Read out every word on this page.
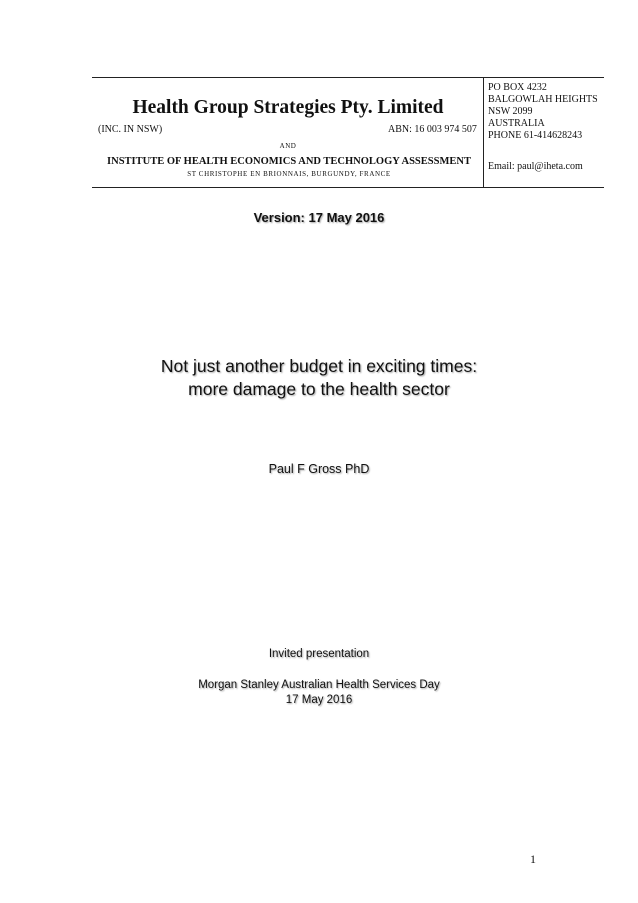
Health Group Strategies Pty. Limited
(INC. IN NSW)	ABN: 16 003 974 507
AND
INSTITUTE OF HEALTH ECONOMICS AND TECHNOLOGY ASSESSMENT
ST CHRISTOPHE EN BRIONNAIS, BURGUNDY, FRANCE
PO BOX 4232
BALGOWLAH HEIGHTS
NSW 2099
AUSTRALIA
PHONE 61-414628243
Email: paul@iheta.com
Version: 17 May 2016
Not just another budget in exciting times:
more damage to the health sector
Paul F Gross PhD
Invited presentation
Morgan Stanley Australian Health Services Day
17 May 2016
1
